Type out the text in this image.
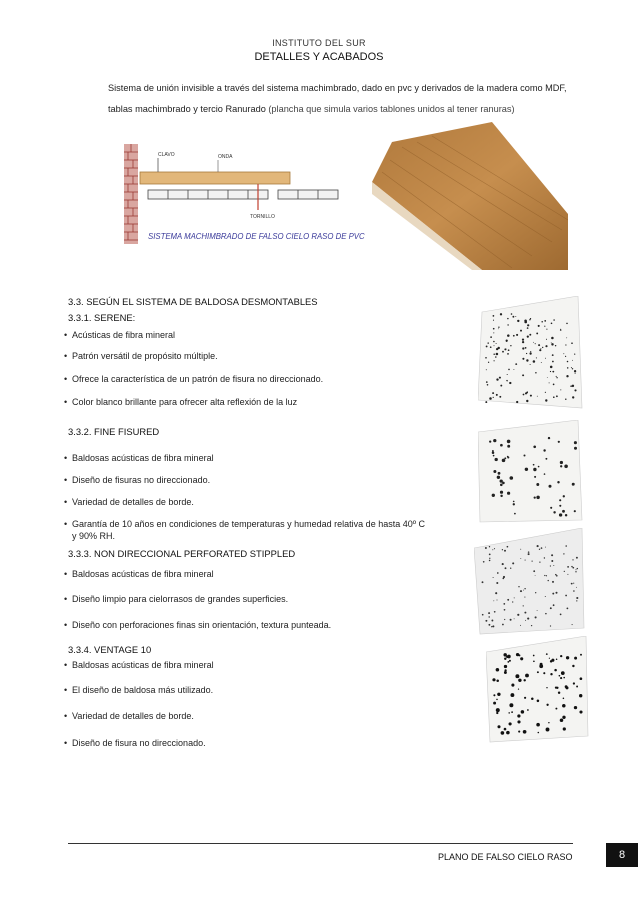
INSTITUTO DEL SUR
DETALLES Y ACABADOS
Sistema de unión invisible a través del sistema machimbrado, dado en pvc y derivados de la madera como MDF,
tablas machimbrado y tercio Ranurado (plancha que simula varios tablones unidos al tener ranuras)
CLAVO	ONDA
TORNILLO
SISTEMA MACHIMBRADO DE FALSO CIELO RASO DE PVC
3.3. SEGÚN EL SISTEMA DE BALDOSA DESMONTABLES
3.3.1. SERENE:
• Acústicas de fibra mineral
• Patrón versátil de propósito múltiple.
• Ofrece la característica de un patrón de fisura no direccionado.
• Color blanco brillante para ofrecer alta reflexión de la luz
3.3.2. FINE FISURED
• Baldosas acústicas de fibra mineral
• Diseño de fisuras no direccionado.
• Variedad de detalles de borde.
• Garantía de 10 años en condiciones de temperaturas y humedad relativa de hasta 40º C
y 90% RH.
3.3.3. NON DIRECCIONAL PERFORATED STIPPLED
• Baldosas acústicas de fibra mineral
• Diseño limpio para cielorrasos de grandes superficies.
• Diseño con perforaciones finas sin orientación, textura punteada.
3.3.4. VENTAGE 10
• Baldosas acústicas de fibra mineral
• El diseño de baldosa más utilizado.
• Variedad de detalles de borde.
• Diseño de fisura no direccionado.
PLANO DE FALSO CIELO RASO	8
